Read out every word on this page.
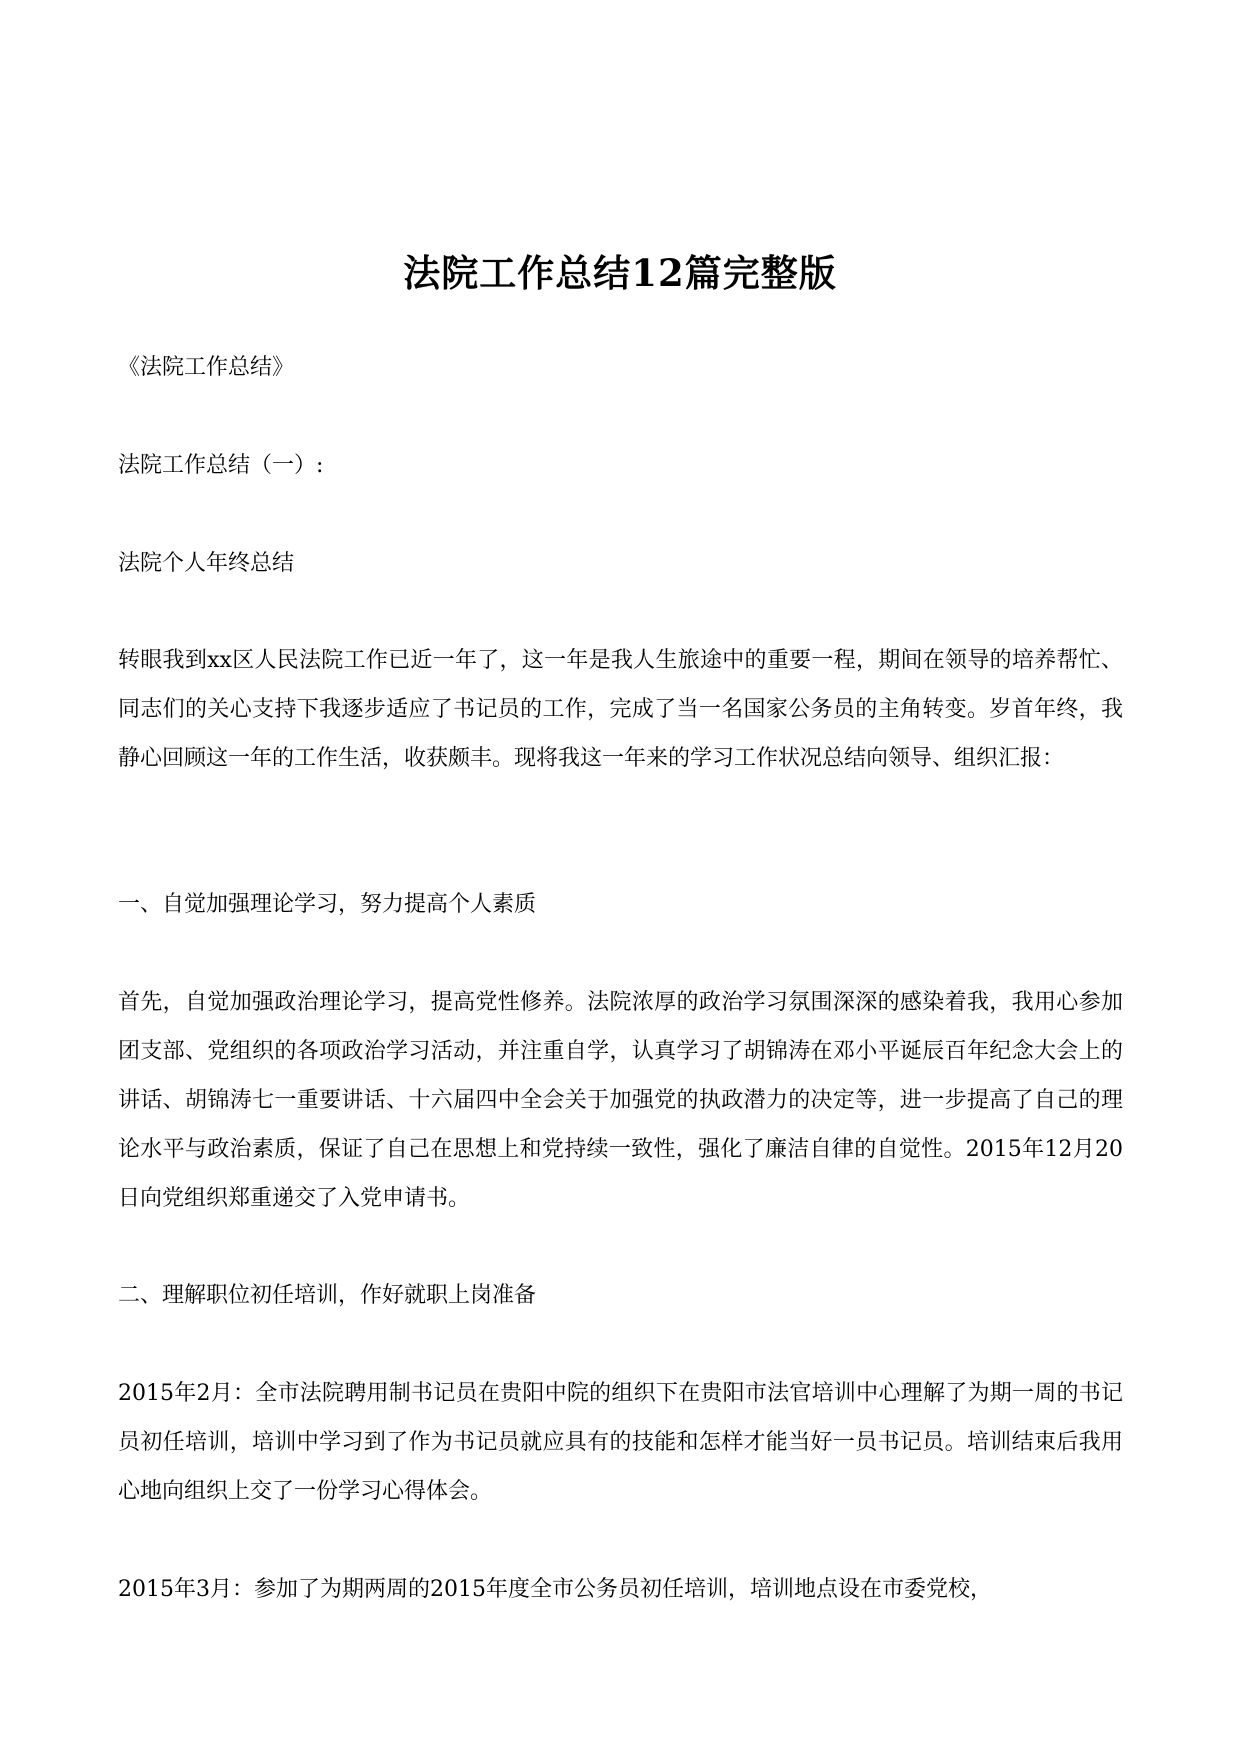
法院工作总结12篇完整版

《法院工作总结》

法院工作总结（一）:

法院个人年终总结

转眼我到xx区人民法院工作已近一年了，这一年是我人生旅途中的重要一程，期间在领导的培养帮忙、同志们的关心支持下我逐步适应了书记员的工作，完成了当一名国家公务员的主角转变。岁首年终，我静心回顾这一年的工作生活，收获颇丰。现将我这一年来的学习工作状况总结向领导、组织汇报：

一、自觉加强理论学习，努力提高个人素质

首先，自觉加强政治理论学习，提高党性修养。法院浓厚的政治学习氛围深深的感染着我，我用心参加团支部、党组织的各项政治学习活动，并注重自学，认真学习了胡锦涛在邓小平诞辰百年纪念大会上的讲话、胡锦涛七一重要讲话、十六届四中全会关于加强党的执政潜力的决定等，进一步提高了自己的理论水平与政治素质，保证了自己在思想上和党持续一致性，强化了廉洁自律的自觉性。2015年12月20日向党组织郑重递交了入党申请书。

二、理解职位初任培训，作好就职上岗准备

2015年2月：全市法院聘用制书记员在贵阳中院的组织下在贵阳市法官培训中心理解了为期一周的书记员初任培训，培训中学习到了作为书记员就应具有的技能和怎样才能当好一员书记员。培训结束后我用心地向组织上交了一份学习心得体会。

2015年3月：参加了为期两周的2015年度全市公务员初任培训，培训地点设在市委党校，
